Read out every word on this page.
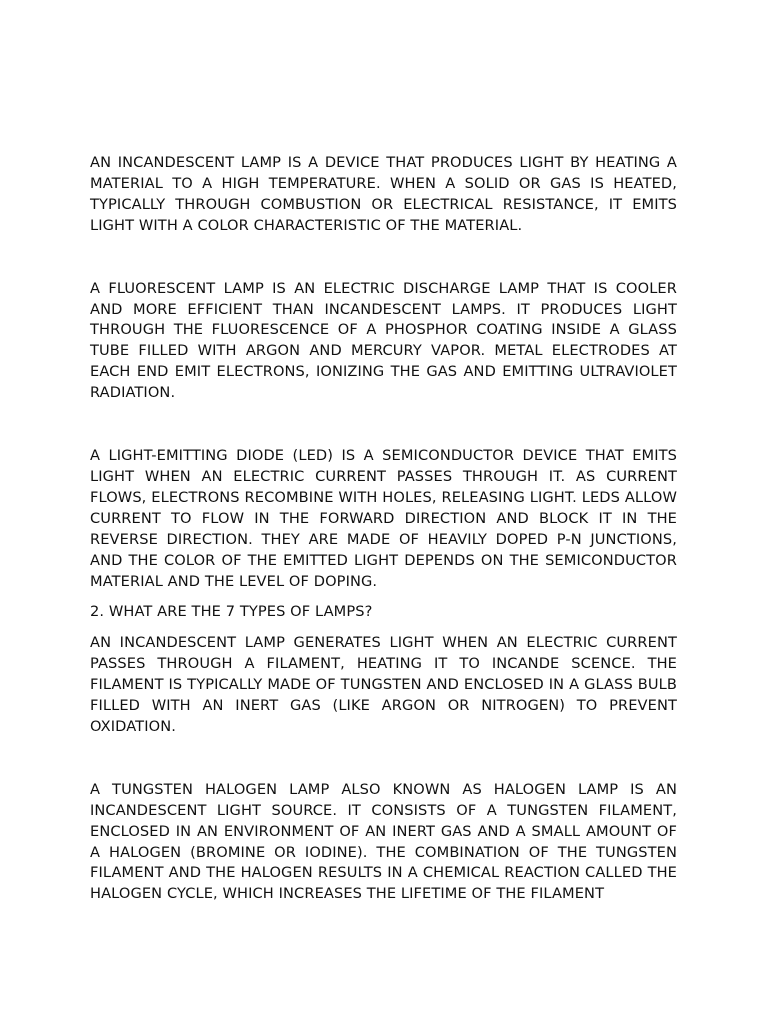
AN INCANDESCENT LAMP IS A DEVICE THAT PRODUCES LIGHT BY HEATING A MATERIAL TO A HIGH TEMPERATURE. WHEN A SOLID OR GAS IS HEATED, TYPICALLY THROUGH COMBUSTION OR ELECTRICAL RESISTANCE, IT EMITS LIGHT WITH A COLOR CHARACTERISTIC OF THE MATERIAL.

A FLUORESCENT LAMP IS AN ELECTRIC DISCHARGE LAMP THAT IS COOLER AND MORE EFFICIENT THAN INCANDESCENT LAMPS. IT PRODUCES LIGHT THROUGH THE FLUORESCENCE OF A PHOSPHOR COATING INSIDE A GLASS TUBE FILLED WITH ARGON AND MERCURY VAPOR. METAL ELECTRODES AT EACH END EMIT ELECTRONS, IONIZING THE GAS AND EMITTING ULTRAVIOLET RADIATION.

A LIGHT-EMITTING DIODE (LED) IS A SEMICONDUCTOR DEVICE THAT EMITS LIGHT WHEN AN ELECTRIC CURRENT PASSES THROUGH IT. AS CURRENT FLOWS, ELECTRONS RECOMBINE WITH HOLES, RELEASING LIGHT. LEDS ALLOW CURRENT TO FLOW IN THE FORWARD DIRECTION AND BLOCK IT IN THE REVERSE DIRECTION. THEY ARE MADE OF HEAVILY DOPED P-N JUNCTIONS, AND THE COLOR OF THE EMITTED LIGHT DEPENDS ON THE SEMICONDUCTOR MATERIAL AND THE LEVEL OF DOPING.

2. WHAT ARE THE 7 TYPES OF LAMPS?

AN INCANDESCENT LAMP GENERATES LIGHT WHEN AN ELECTRIC CURRENT PASSES THROUGH A FILAMENT, HEATING IT TO INCANDE SCENCE. THE FILAMENT IS TYPICALLY MADE OF TUNGSTEN AND ENCLOSED IN A GLASS BULB FILLED WITH AN INERT GAS (LIKE ARGON OR NITROGEN) TO PREVENT OXIDATION.

A TUNGSTEN HALOGEN LAMP ALSO KNOWN AS HALOGEN LAMP IS AN INCANDESCENT LIGHT SOURCE. IT CONSISTS OF A TUNGSTEN FILAMENT, ENCLOSED IN AN ENVIRONMENT OF AN INERT GAS AND A SMALL AMOUNT OF A HALOGEN (BROMINE OR IODINE). THE COMBINATION OF THE TUNGSTEN FILAMENT AND THE HALOGEN RESULTS IN A CHEMICAL REACTION CALLED THE HALOGEN CYCLE, WHICH INCREASES THE LIFETIME OF THE FILAMENT
